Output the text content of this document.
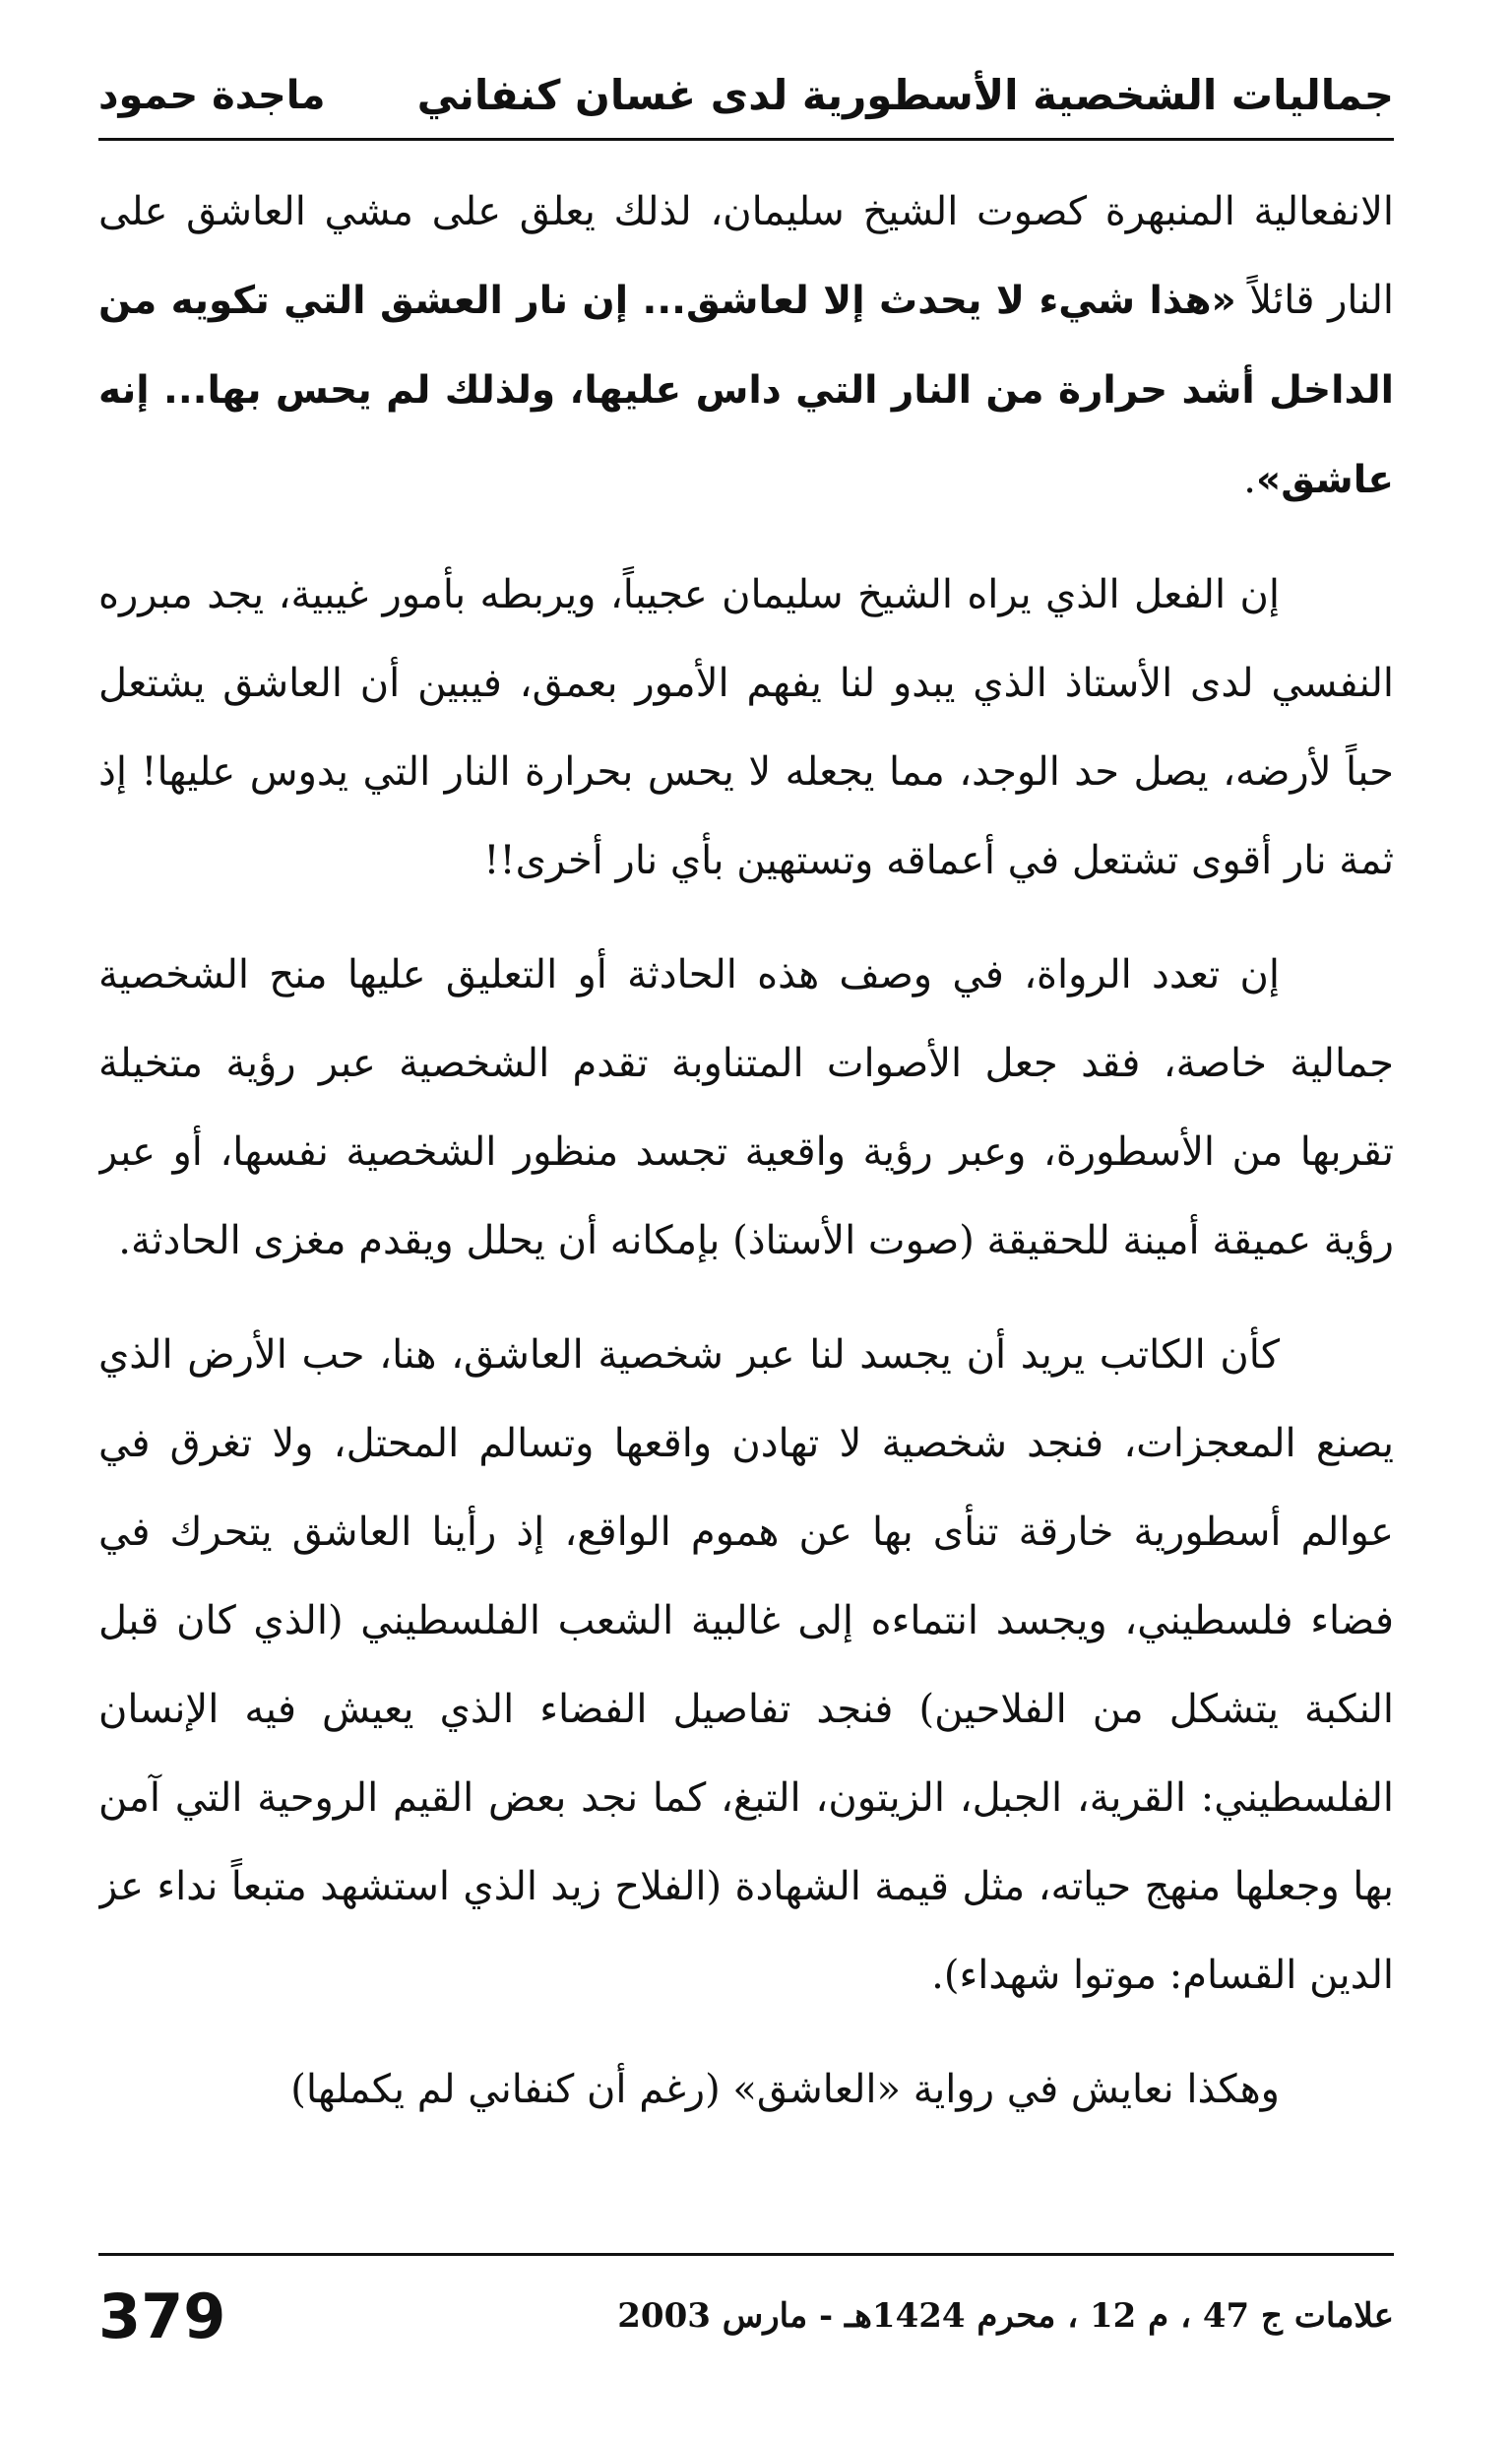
جماليات الشخصية الأسطورية لدى غسان كنفاني
ماجدة حمود

الانفعالية المنبهرة كصوت الشيخ سليمان، لذلك يعلق على مشي العاشق على النار قائلاً «هذا شيء لا يحدث إلا لعاشق... إن نار العشق التي تكويه من الداخل أشد حرارة من النار التي داس عليها، ولذلك لم يحس بها... إنه عاشق».

إن الفعل الذي يراه الشيخ سليمان عجيباً، ويربطه بأمور غيبية، يجد مبرره النفسي لدى الأستاذ الذي يبدو لنا يفهم الأمور بعمق، فيبين أن العاشق يشتعل حباً لأرضه، يصل حد الوجد، مما يجعله لا يحس بحرارة النار التي يدوس عليها! إذ ثمة نار أقوى تشتعل في أعماقه وتستهين بأي نار أخرى!!

إن تعدد الرواة، في وصف هذه الحادثة أو التعليق عليها منح الشخصية جمالية خاصة، فقد جعل الأصوات المتناوبة تقدم الشخصية عبر رؤية متخيلة تقربها من الأسطورة، وعبر رؤية واقعية تجسد منظور الشخصية نفسها، أو عبر رؤية عميقة أمينة للحقيقة (صوت الأستاذ) بإمكانه أن يحلل ويقدم مغزى الحادثة.

كأن الكاتب يريد أن يجسد لنا عبر شخصية العاشق، هنا، حب الأرض الذي يصنع المعجزات، فنجد شخصية لا تهادن واقعها وتسالم المحتل، ولا تغرق في عوالم أسطورية خارقة تنأى بها عن هموم الواقع، إذ رأينا العاشق يتحرك في فضاء فلسطيني، ويجسد انتماءه إلى غالبية الشعب الفلسطيني (الذي كان قبل النكبة يتشكل من الفلاحين) فنجد تفاصيل الفضاء الذي يعيش فيه الإنسان الفلسطيني: القرية، الجبل، الزيتون، التبغ، كما نجد بعض القيم الروحية التي آمن بها وجعلها منهج حياته، مثل قيمة الشهادة (الفلاح زيد الذي استشهد متبعاً نداء عز الدين القسام: موتوا شهداء).

وهكذا نعايش في رواية «العاشق» (رغم أن كنفاني لم يكملها)

379	علامات ج 47 ، م 12 ، محرم 1424هـ - مارس 2003
